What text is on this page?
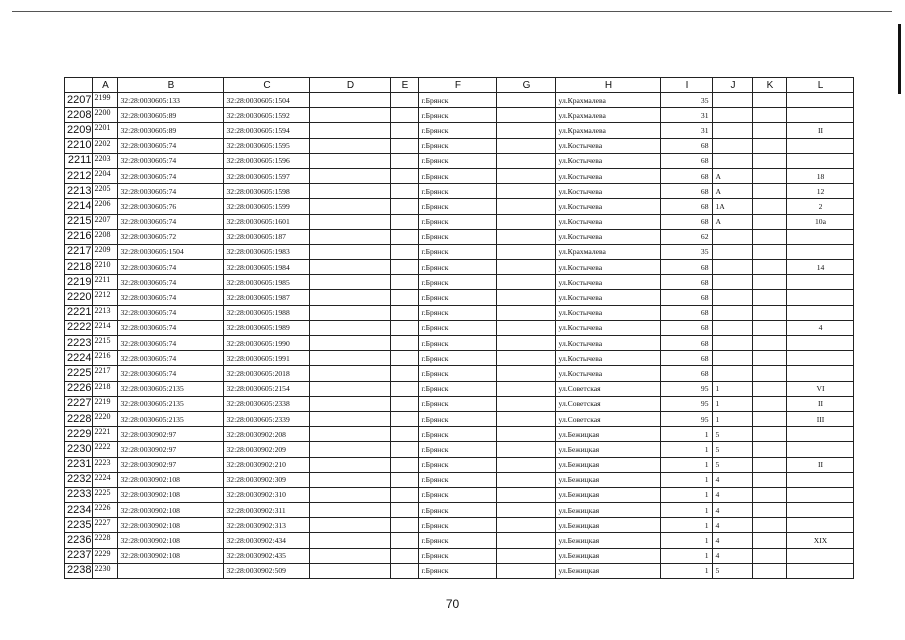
	A	B	C	D	E	F	G	H	I	J	K	L
2207	2199	32:28:0030605:133	32:28:0030605:1504			г.Брянск		ул.Крахмалева	35			
2208	2200	32:28:0030605:89	32:28:0030605:1592			г.Брянск		ул.Крахмалева	31			
2209	2201	32:28:0030605:89	32:28:0030605:1594			г.Брянск		ул.Крахмалева	31			II
2210	2202	32:28:0030605:74	32:28:0030605:1595			г.Брянск		ул.Костычева	68			
2211	2203	32:28:0030605:74	32:28:0030605:1596			г.Брянск		ул.Костычева	68			
2212	2204	32:28:0030605:74	32:28:0030605:1597			г.Брянск		ул.Костычева	68	А		18
2213	2205	32:28:0030605:74	32:28:0030605:1598			г.Брянск		ул.Костычева	68	А		12
2214	2206	32:28:0030605:76	32:28:0030605:1599			г.Брянск		ул.Костычева	68	1А		2
2215	2207	32:28:0030605:74	32:28:0030605:1601			г.Брянск		ул.Костычева	68	А		10а
2216	2208	32:28:0030605:72	32:28:0030605:187			г.Брянск		ул.Костычева	62			
2217	2209	32:28:0030605:1504	32:28:0030605:1983			г.Брянск		ул.Крахмалева	35			
2218	2210	32:28:0030605:74	32:28:0030605:1984			г.Брянск		ул.Костычева	68			14
2219	2211	32:28:0030605:74	32:28:0030605:1985			г.Брянск		ул.Костычева	68			
2220	2212	32:28:0030605:74	32:28:0030605:1987			г.Брянск		ул.Костычева	68			
2221	2213	32:28:0030605:74	32:28:0030605:1988			г.Брянск		ул.Костычева	68			
2222	2214	32:28:0030605:74	32:28:0030605:1989			г.Брянск		ул.Костычева	68			4
2223	2215	32:28:0030605:74	32:28:0030605:1990			г.Брянск		ул.Костычева	68			
2224	2216	32:28:0030605:74	32:28:0030605:1991			г.Брянск		ул.Костычева	68			
2225	2217	32:28:0030605:74	32:28:0030605:2018			г.Брянск		ул.Костычева	68			
2226	2218	32:28:0030605:2135	32:28:0030605:2154			г.Брянск		ул.Советская	95	1		VI
2227	2219	32:28:0030605:2135	32:28:0030605:2338			г.Брянск		ул.Советская	95	1		II
2228	2220	32:28:0030605:2135	32:28:0030605:2339			г.Брянск		ул.Советская	95	1		III
2229	2221	32:28:0030902:97	32:28:0030902:208			г.Брянск		ул.Бежицкая	1	5		
2230	2222	32:28:0030902:97	32:28:0030902:209			г.Брянск		ул.Бежицкая	1	5		
2231	2223	32:28:0030902:97	32:28:0030902:210			г.Брянск		ул.Бежицкая	1	5		II
2232	2224	32:28:0030902:108	32:28:0030902:309			г.Брянск		ул.Бежицкая	1	4		
2233	2225	32:28:0030902:108	32:28:0030902:310			г.Брянск		ул.Бежицкая	1	4		
2234	2226	32:28:0030902:108	32:28:0030902:311			г.Брянск		ул.Бежицкая	1	4		
2235	2227	32:28:0030902:108	32:28:0030902:313			г.Брянск		ул.Бежицкая	1	4		
2236	2228	32:28:0030902:108	32:28:0030902:434			г.Брянск		ул.Бежицкая	1	4		XIX
2237	2229	32:28:0030902:108	32:28:0030902:435			г.Брянск		ул.Бежицкая	1	4		
2238	2230		32:28:0030902:509			г.Брянск		ул.Бежицкая	1	5		
70
